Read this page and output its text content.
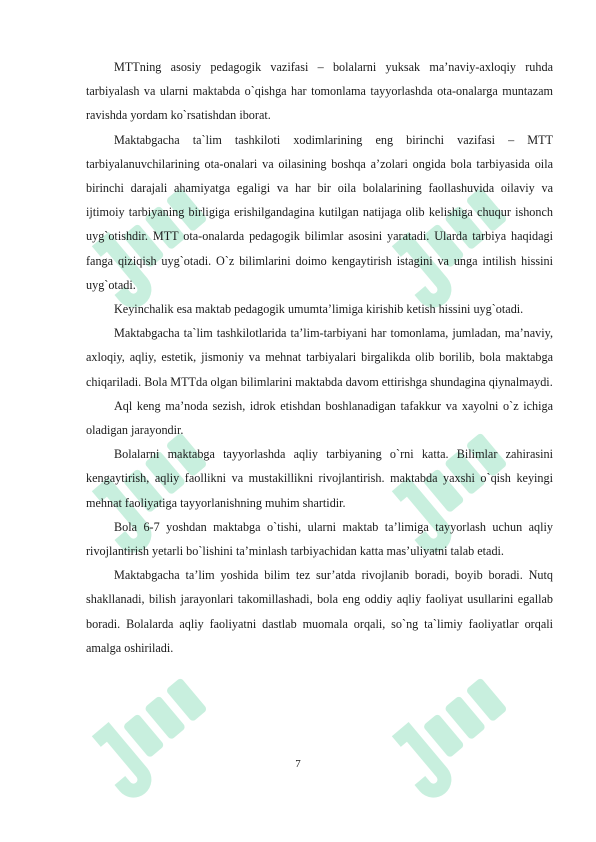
MTTning asosiy pedagogik vazifasi – bolalarni yuksak ma’naviy-axloqiy ruhda tarbiyalash va ularni maktabda o`qishga har tomonlama tayyorlashda ota-onalarga muntazam ravishda yordam ko`rsatishdan iborat.

Maktabgacha ta`lim tashkiloti xodimlarining eng birinchi vazifasi – MTT tarbiyalanuvchilarining ota-onalari va oilasining boshqa a’zolari ongida bola tarbiyasida oila birinchi darajali ahamiyatga egaligi va har bir oila bolalarining faollashuvida oilaviy va ijtimoiy tarbiyaning birligiga erishilgandagina kutilgan natijaga olib kelishiga chuqur ishonch uyg`otishdir. MTT ota-onalarda pedagogik bilimlar asosini yaratadi. Ularda tarbiya haqidagi fanga qiziqish uyg`otadi. O`z bilimlarini doimo kengaytirish istagini va unga intilish hissini uyg`otadi.

Keyinchalik esa maktab pedagogik umumta’limiga kirishib ketish hissini uyg`otadi.

Maktabgacha ta`lim tashkilotlarida ta’lim-tarbiyani har tomonlama, jumladan, ma’naviy, axloqiy, aqliy, estetik, jismoniy va mehnat tarbiyalari birgalikda olib borilib, bola maktabga chiqariladi. Bola MTTda olgan bilimlarini maktabda davom ettirishga shundagina qiynalmaydi.

Aql keng ma’noda sezish, idrok etishdan boshlanadigan tafakkur va xayolni o`z ichiga oladigan jarayondir.

Bolalarni maktabga tayyorlashda aqliy tarbiyaning o`rni katta. Bilimlar zahirasini kengaytirish, aqliy faollikni va mustakillikni rivojlantirish. maktabda yaxshi o`qish keyingi mehnat faoliyatiga tayyorlanishning muhim shartidir.

Bola 6-7 yoshdan maktabga o`tishi, ularni maktab ta’limiga tayyorlash uchun aqliy rivojlantirish yetarli bo`lishini ta’minlash tarbiyachidan katta mas’uliyatni talab etadi.

Maktabgacha ta’lim yoshida bilim tez sur’atda rivojlanib boradi, boyib boradi. Nutq shakllanadi, bilish jarayonlari takomillashadi, bola eng oddiy aqliy faoliyat usullarini egallab boradi. Bolalarda aqliy faoliyatni dastlab muomala orqali, so`ng ta`limiy faoliyatlar orqali amalga oshiriladi.

7
